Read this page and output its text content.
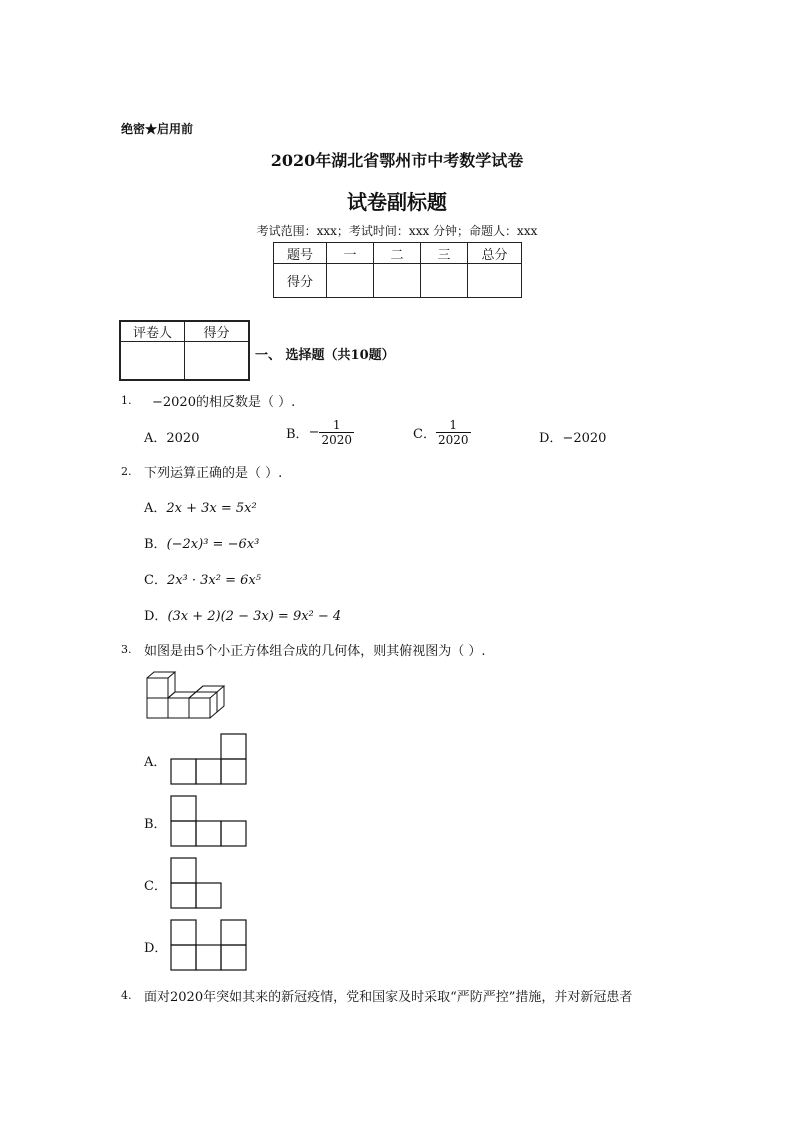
绝密★启用前
2020年湖北省鄂州市中考数学试卷
试卷副标题
考试范围：xxx；考试时间：xxx 分钟；命题人：xxx
题号	一	二	三	总分
得分				
评卷人	得分

一、 选择题（共10题）
1. −2020的相反数是（ ）.
A．2020	B．− $\frac{1}{2020}$	C． $\frac{1}{2020}$	D．−2020
2. 下列运算正确的是（ ）.
A．2x + 3x = 5x²
B．(−2x)³ = −6x³
C．2x³ · 3x² = 6x⁵
D．(3x + 2)(2 − 3x) = 9x² − 4
3. 如图是由5个小正方体组合成的几何体，则其俯视图为（ ）.
A．
B．
C．
D．
4. 面对2020年突如其来的新冠疫情，党和国家及时采取“严防严控”措施，并对新冠患者
